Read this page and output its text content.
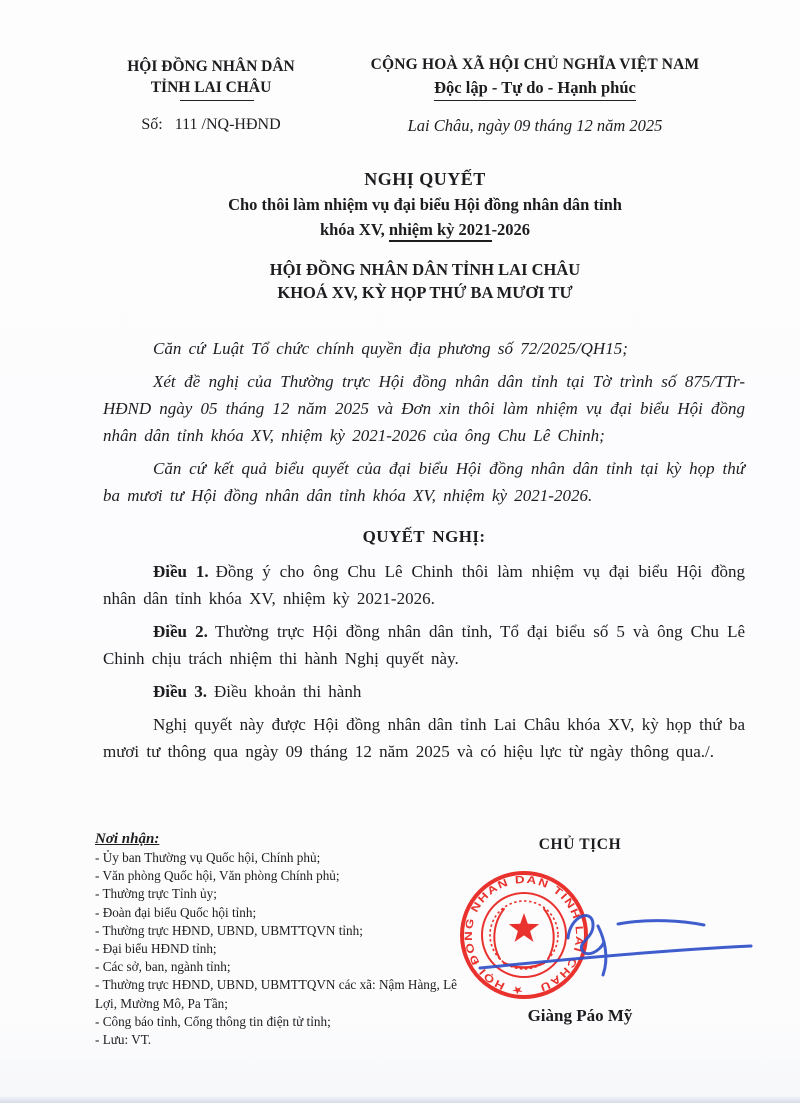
HỘI ĐỒNG NHÂN DÂN
TỈNH LAI CHÂU
Số:   111 /NQ-HĐND
CỘNG HOÀ XÃ HỘI CHỦ NGHĨA VIỆT NAM
Độc lập - Tự do - Hạnh phúc
Lai Châu, ngày 09 tháng 12 năm 2025
NGHỊ QUYẾT
Cho thôi làm nhiệm vụ đại biểu Hội đồng nhân dân tỉnh
khóa XV, nhiệm kỳ 2021-2026
HỘI ĐỒNG NHÂN DÂN TỈNH LAI CHÂU
KHOÁ XV, KỲ HỌP THỨ BA MƯƠI TƯ

Căn cứ Luật Tổ chức chính quyền địa phương số 72/2025/QH15;

Xét đề nghị của Thường trực Hội đồng nhân dân tỉnh tại Tờ trình số 875/TTr-HĐND ngày 05 tháng 12 năm 2025 và Đơn xin thôi làm nhiệm vụ đại biểu Hội đồng nhân dân tỉnh khóa XV, nhiệm kỳ 2021-2026 của ông Chu Lê Chinh;

Căn cứ kết quả biểu quyết của đại biểu Hội đồng nhân dân tỉnh tại kỳ họp thứ ba mươi tư Hội đồng nhân dân tỉnh khóa XV, nhiệm kỳ 2021-2026.

QUYẾT NGHỊ:

Điều 1. Đồng ý cho ông Chu Lê Chinh thôi làm nhiệm vụ đại biểu Hội đồng nhân dân tỉnh khóa XV, nhiệm kỳ 2021-2026.

Điều 2. Thường trực Hội đồng nhân dân tỉnh, Tổ đại biểu số 5 và ông Chu Lê Chinh chịu trách nhiệm thi hành Nghị quyết này.

Điều 3. Điều khoản thi hành

Nghị quyết này được Hội đồng nhân dân tỉnh Lai Châu khóa XV, kỳ họp thứ ba mươi tư thông qua ngày 09 tháng 12 năm 2025 và có hiệu lực từ ngày thông qua./.

Nơi nhận:
- Ủy ban Thường vụ Quốc hội, Chính phủ;
- Văn phòng Quốc hội, Văn phòng Chính phủ;
- Thường trực Tỉnh ủy;
- Đoàn đại biểu Quốc hội tỉnh;
- Thường trực HĐND, UBND, UBMTTQVN tỉnh;
- Đại biểu HĐND tỉnh;
- Các sở, ban, ngành tỉnh;
- Thường trực HĐND, UBND, UBMTTQVN các xã: Nậm Hàng, Lê Lợi, Mường Mô, Pa Tần;
- Công báo tỉnh, Cổng thông tin điện tử tỉnh;
- Lưu: VT.
CHỦ TỊCH
★ HỘI ĐỒNG NHÂN DÂN TỈNH LAI CHÂU
Giàng Páo Mỹ
